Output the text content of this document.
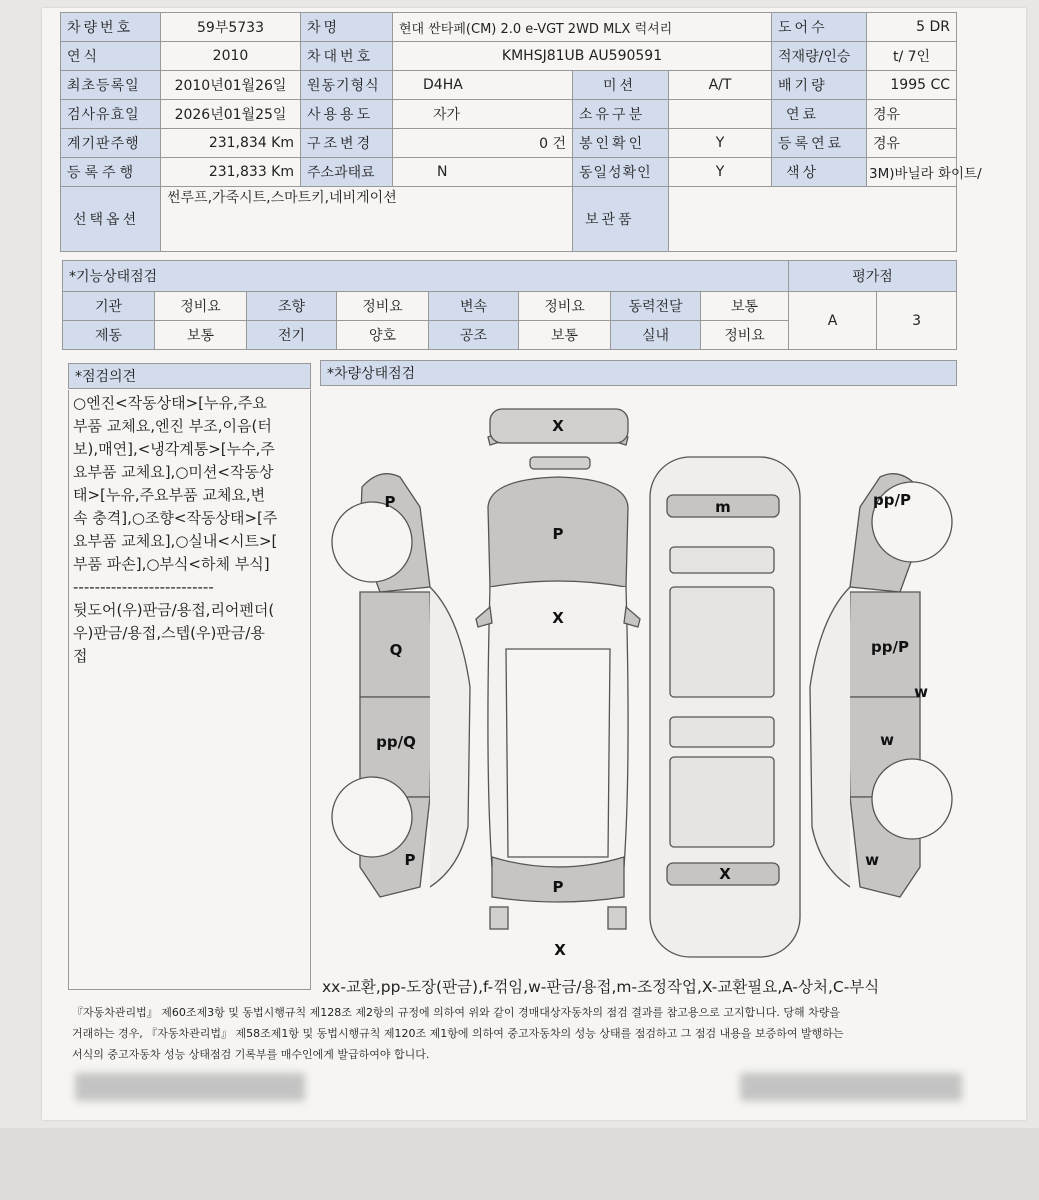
차량번호	59부5733	차명	현대 싼타페(CM) 2.0 e-VGT 2WD MLX 럭셔리			도어수	5 DR
연식	2010	차대번호	KMHSJ81UB AU590591			적재량/인승	t/ 7인
최초등록일	2010년01월26일	원동기형식	D4HA	미션	A/T	배기량	1995 CC
검사유효일	2026년01월25일	사용용도	자가	소유구분		연료	경유
계기판주행	231,834 Km	구조변경	0 건	봉인확인	Y	등록연료	경유
등록주행	231,833 Km	주소과태료	N	동일성확인	Y	색상	3M)바닐라 화이트/
선택옵션	썬루프,가죽시트,스마트키,네비게이션			보관품			
*기능상태점검								평가점	
기관	정비요	조향	정비요	변속	정비요	동력전달	보통	A	3
제동	보통	전기	양호	공조	보통	실내	정비요		
*점검의견
○엔진<작동상태>[누유,주요
부품 교체요,엔진 부조,이음(터
보),매연],<냉각계통>[누수,주
요부품 교체요],○미션<작동상
태>[누유,주요부품 교체요,변
속 충격],○조향<작동상태>[주
요부품 교체요],○실내<시트>[
부품 파손],○부식<하체 부식]
--------------------------
뒷도어(우)판금/용접,리어펜더(
우)판금/용접,스텝(우)판금/용
접
*차량상태점검
X
P
X
P
X
m
X
P
Q
pp/Q
P
pp/P
pp/P
w
w
w
xx-교환,pp-도장(판금),f-꺾임,w-판금/용접,m-조정작업,X-교환필요,A-상처,C-부식
『자동차관리법』 제60조제3항 및 동법시행규칙 제128조 제2항의 규정에 의하여 위와 같이 경매대상자동차의 점검 결과를 참고용으로 고지합니다. 당해 차량을
거래하는 경우, 『자동차관리법』 제58조제1항 및 동법시행규칙 제120조 제1항에 의하여 중고자동차의 성능 상태를 점검하고 그 점검 내용을 보증하여 발행하는
서식의 중고자동차 성능 상태점검 기록부를 매수인에게 발급하여야 합니다.
